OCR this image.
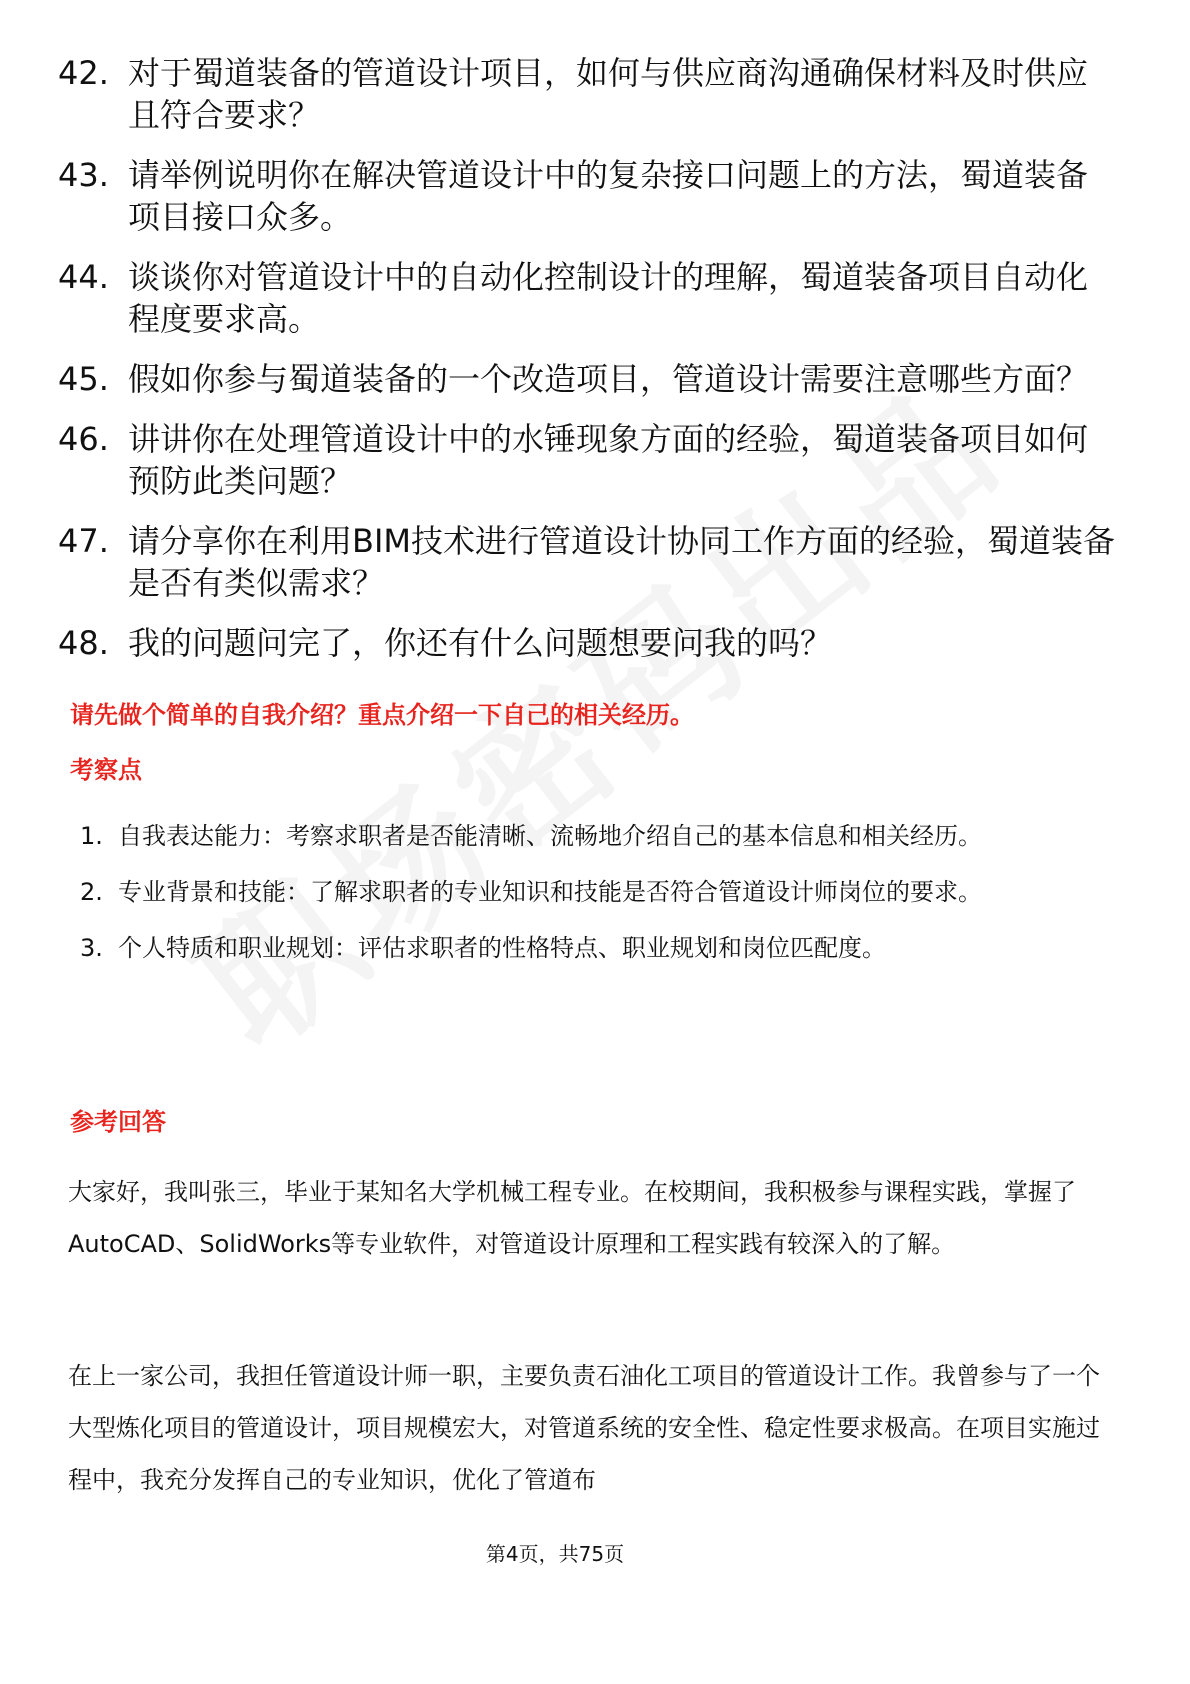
42. 对于蜀道装备的管道设计项目，如何与供应商沟通确保材料及时供应且符合要求？
43. 请举例说明你在解决管道设计中的复杂接口问题上的方法，蜀道装备项目接口众多。
44. 谈谈你对管道设计中的自动化控制设计的理解，蜀道装备项目自动化程度要求高。
45. 假如你参与蜀道装备的一个改造项目，管道设计需要注意哪些方面？
46. 讲讲你在处理管道设计中的水锤现象方面的经验，蜀道装备项目如何预防此类问题？
47. 请分享你在利用BIM技术进行管道设计协同工作方面的经验，蜀道装备是否有类似需求？
48. 我的问题问完了，你还有什么问题想要问我的吗？
请先做个简单的自我介绍？重点介绍一下自己的相关经历。
考察点
1. 自我表达能力：考察求职者是否能清晰、流畅地介绍自己的基本信息和相关经历。
2. 专业背景和技能：了解求职者的专业知识和技能是否符合管道设计师岗位的要求。
3. 个人特质和职业规划：评估求职者的性格特点、职业规划和岗位匹配度。
参考回答

大家好，我叫张三，毕业于某知名大学机械工程专业。在校期间，我积极参与课程实践，掌握了AutoCAD、SolidWorks等专业软件，对管道设计原理和工程实践有较深入的了解。

在上一家公司，我担任管道设计师一职，主要负责石油化工项目的管道设计工作。我曾参与了一个大型炼化项目的管道设计，项目规模宏大，对管道系统的安全性、稳定性要求极高。在项目实施过程中，我充分发挥自己的专业知识，优化了管道布

第4页，共75页
